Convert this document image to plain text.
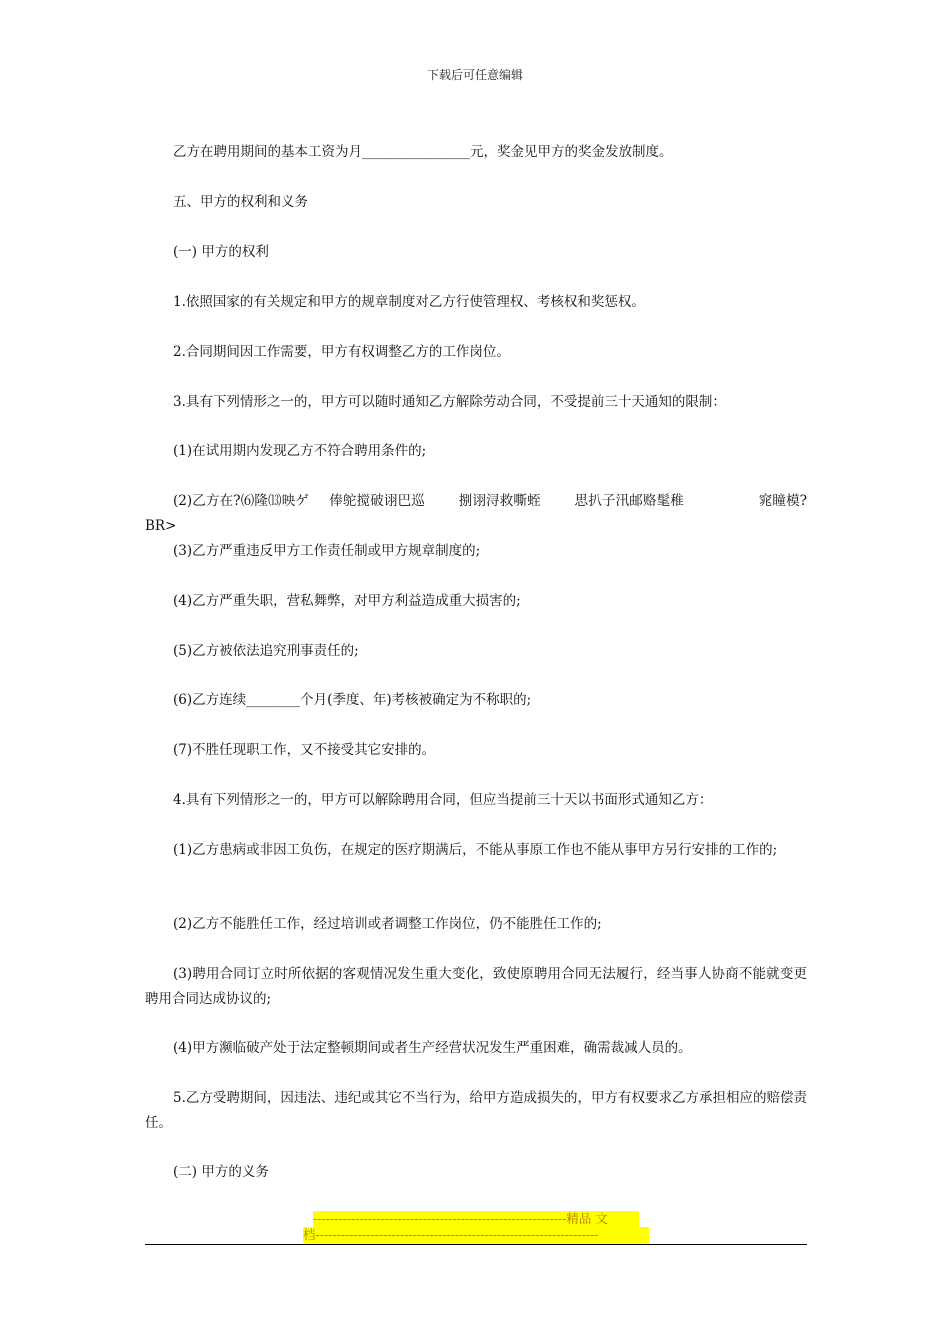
下载后可任意编辑
乙方在聘用期间的基本工资为月________________元，奖金见甲方的奖金发放制度。
五、甲方的权利和义务
(一) 甲方的权利
1.依照国家的有关规定和甲方的规章制度对乙方行使管理权、考核权和奖惩权。
2.合同期间因工作需要，甲方有权调整乙方的工作岗位。
3.具有下列情形之一的，甲方可以随时通知乙方解除劳动合同，不受提前三十天通知的限制：
(1)在试用期内发现乙方不符合聘用条件的;
(2)乙方在?⑹隆⒀映ゲ　 俸鸵搅破诩巴巡　　 捌诩浔救嘶蛭　　 思扒子汛邮赂髦稚　　　　　 窕瞳模?BR>
(3)乙方严重违反甲方工作责任制或甲方规章制度的;
(4)乙方严重失职，营私舞弊，对甲方利益造成重大损害的;
(5)乙方被依法追究刑事责任的;
(6)乙方连续________个月(季度、年)考核被确定为不称职的;
(7)不胜任现职工作，又不接受其它安排的。
4.具有下列情形之一的，甲方可以解除聘用合同，但应当提前三十天以书面形式通知乙方：
(1)乙方患病或非因工负伤，在规定的医疗期满后，不能从事原工作也不能从事甲方另行安排的工作的;
(2)乙方不能胜任工作，经过培训或者调整工作岗位，仍不能胜任工作的;
(3)聘用合同订立时所依据的客观情况发生重大变化，致使原聘用合同无法履行，经当事人协商不能就变更聘用合同达成协议的;
(4)甲方濒临破产处于法定整顿期间或者生产经营状况发生严重困难，确需裁减人员的。
5.乙方受聘期间，因违法、违纪或其它不当行为，给甲方造成损失的，甲方有权要求乙方承担相应的赔偿责任。
(二) 甲方的义务
------------------------------------------------------------精品 文
档-------------------------------------------------------------------
